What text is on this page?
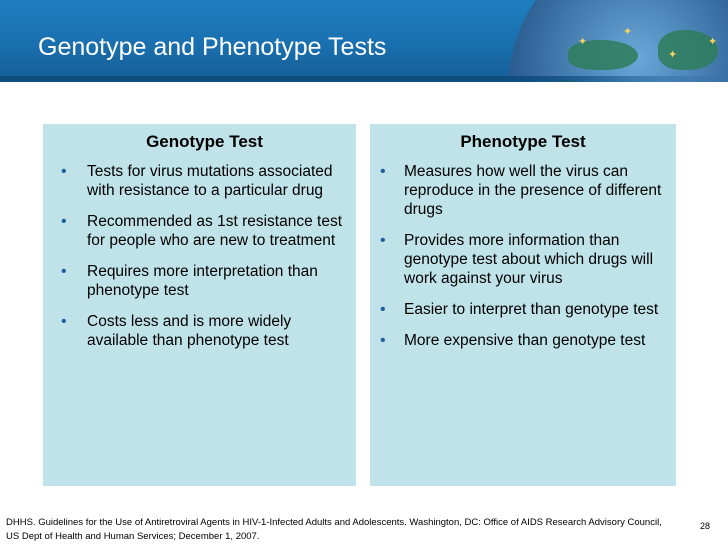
✦
✦
✦
✦
Genotype and Phenotype Tests
Genotype Test
• Tests for virus mutations associated with resistance to a particular drug
• Recommended as 1st resistance test for people who are new to treatment
• Requires more interpretation than phenotype test
• Costs less and is more widely available than phenotype test
Phenotype Test
• Measures how well the virus can reproduce in the presence of different drugs
• Provides more information than genotype test about which drugs will work against your virus
• Easier to interpret than genotype test
• More expensive than genotype test
DHHS. Guidelines for the Use of Antiretroviral Agents in HIV-1-Infected Adults and Adolescents. Washington, DC: Office of AIDS Research Advisory Council, US Dept of Health and Human Services; December 1, 2007.
28
